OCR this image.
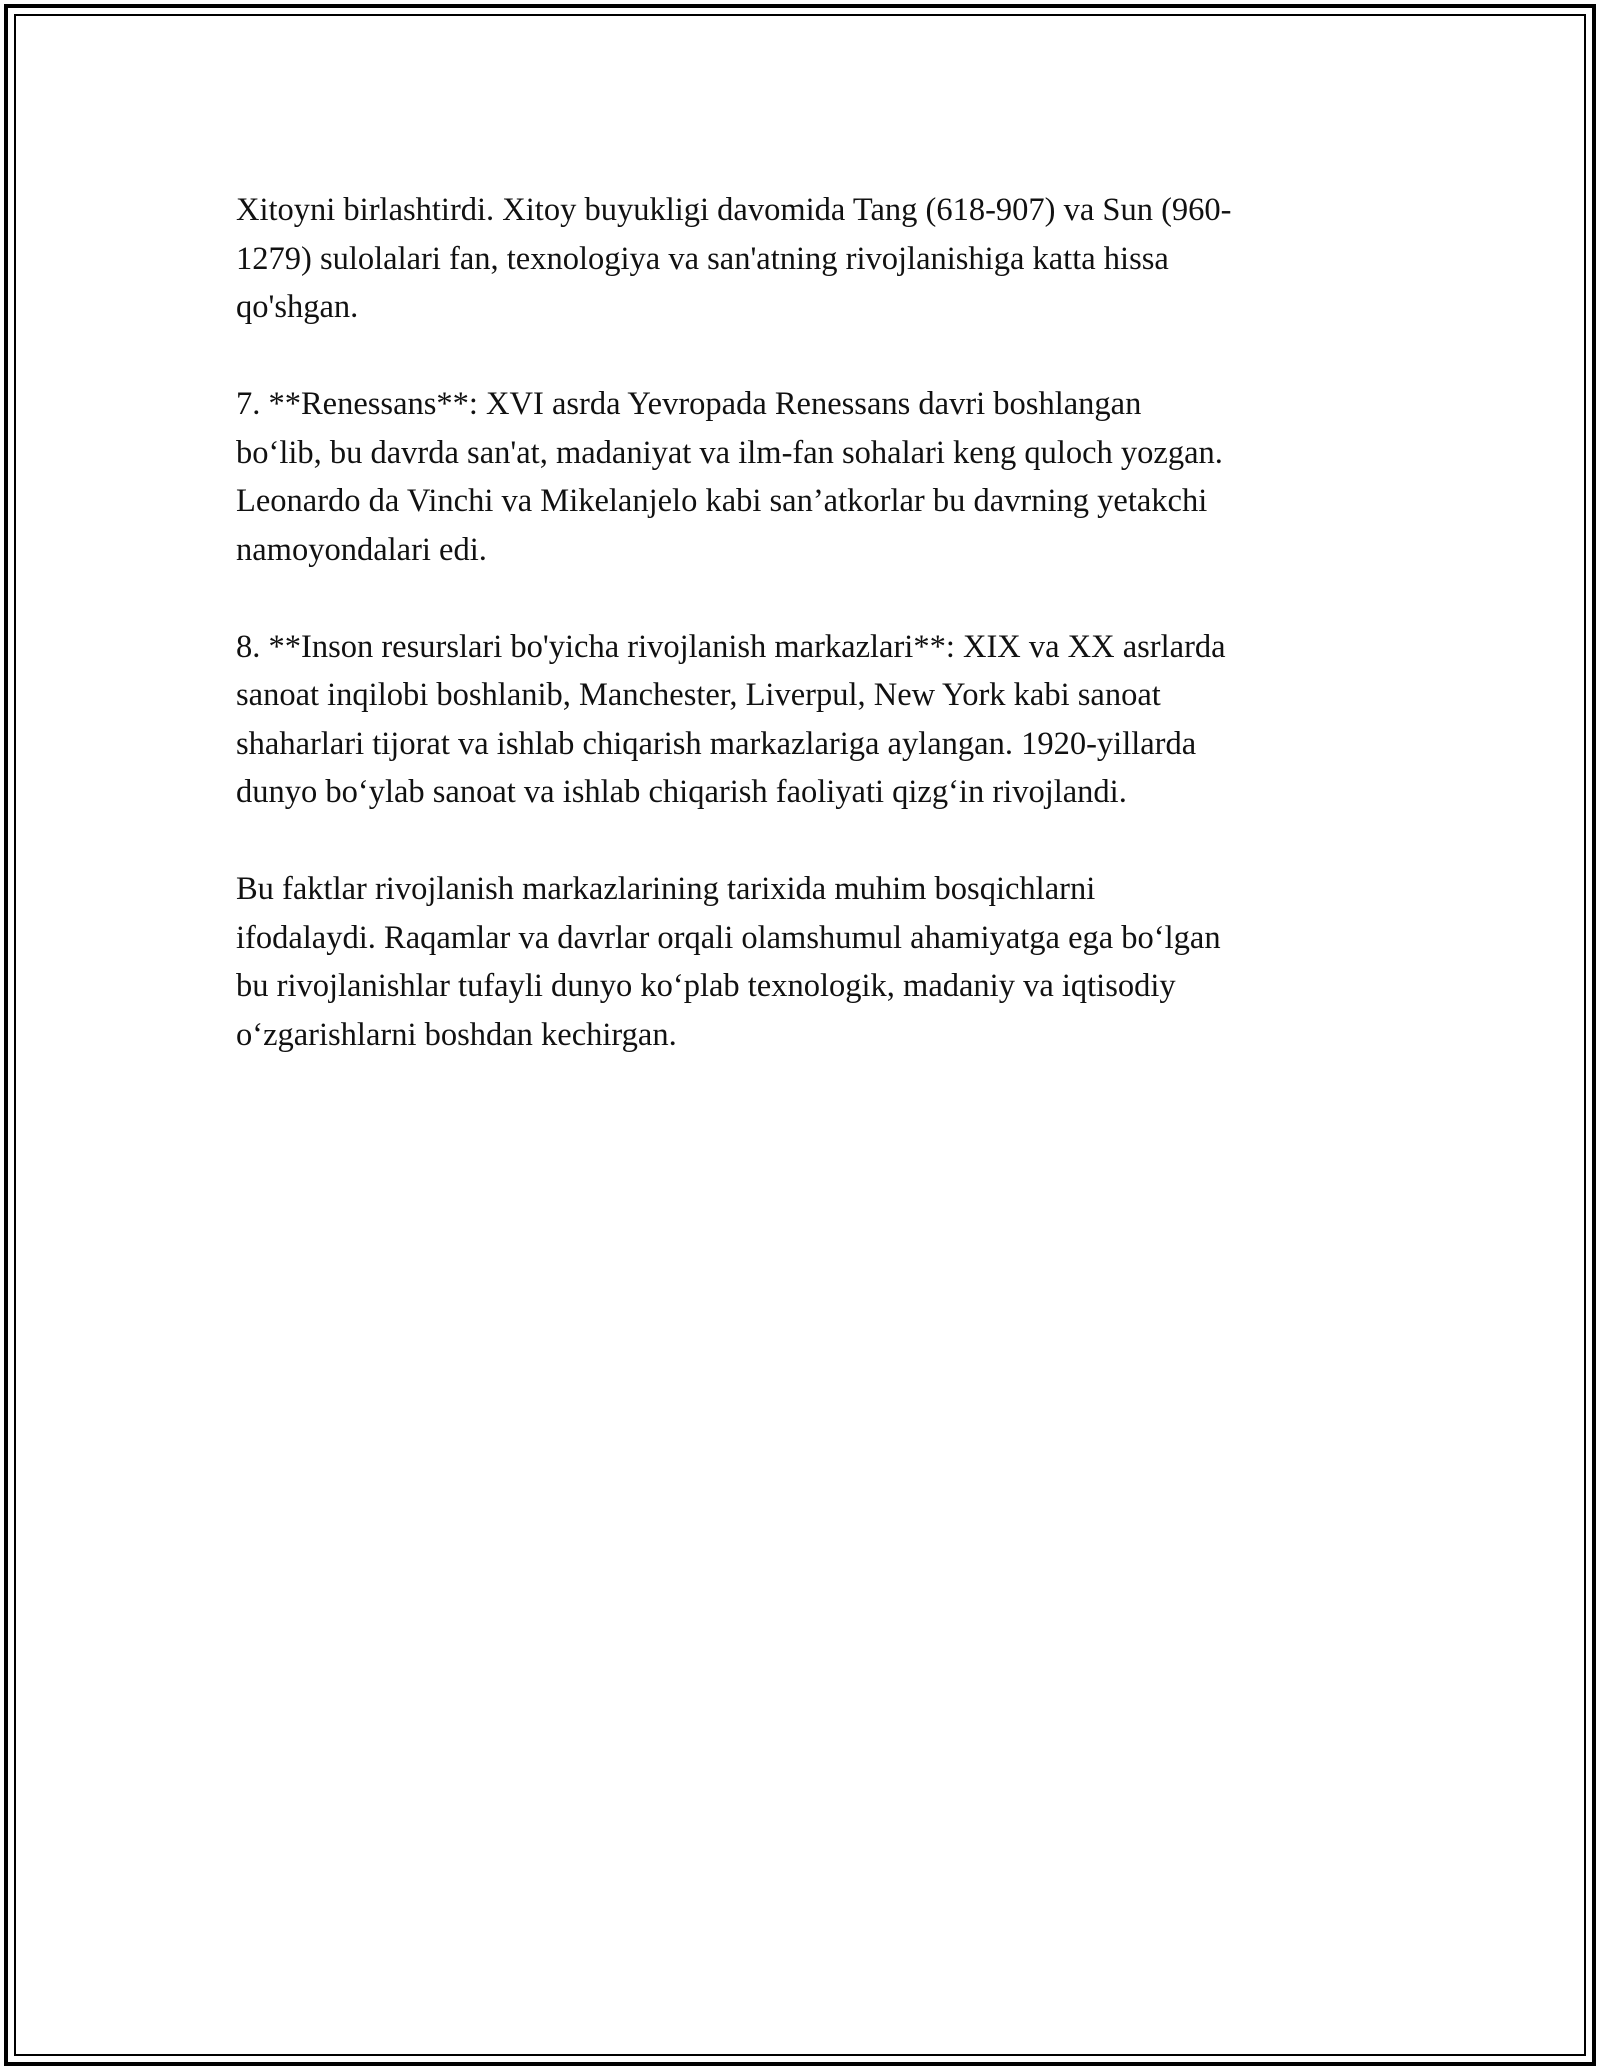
Xitoyni birlashtirdi. Xitoy buyukligi davomida Tang (618-907) va Sun (960-
1279) sulolalari fan, texnologiya va san'atning rivojlanishiga katta hissa
qo'shgan.

7. **Renessans**: XVI asrda Yevropada Renessans davri boshlangan
bo‘lib, bu davrda san'at, madaniyat va ilm-fan sohalari keng quloch yozgan.
Leonardo da Vinchi va Mikelanjelo kabi san’atkorlar bu davrning yetakchi
namoyondalari edi.

8. **Inson resurslari bo'yicha rivojlanish markazlari**: XIX va XX asrlarda
sanoat inqilobi boshlanib, Manchester, Liverpul, New York kabi sanoat
shaharlari tijorat va ishlab chiqarish markazlariga aylangan. 1920-yillarda
dunyo bo‘ylab sanoat va ishlab chiqarish faoliyati qizg‘in rivojlandi.

Bu faktlar rivojlanish markazlarining tarixida muhim bosqichlarni
ifodalaydi. Raqamlar va davrlar orqali olamshumul ahamiyatga ega bo‘lgan
bu rivojlanishlar tufayli dunyo ko‘plab texnologik, madaniy va iqtisodiy
o‘zgarishlarni boshdan kechirgan.
